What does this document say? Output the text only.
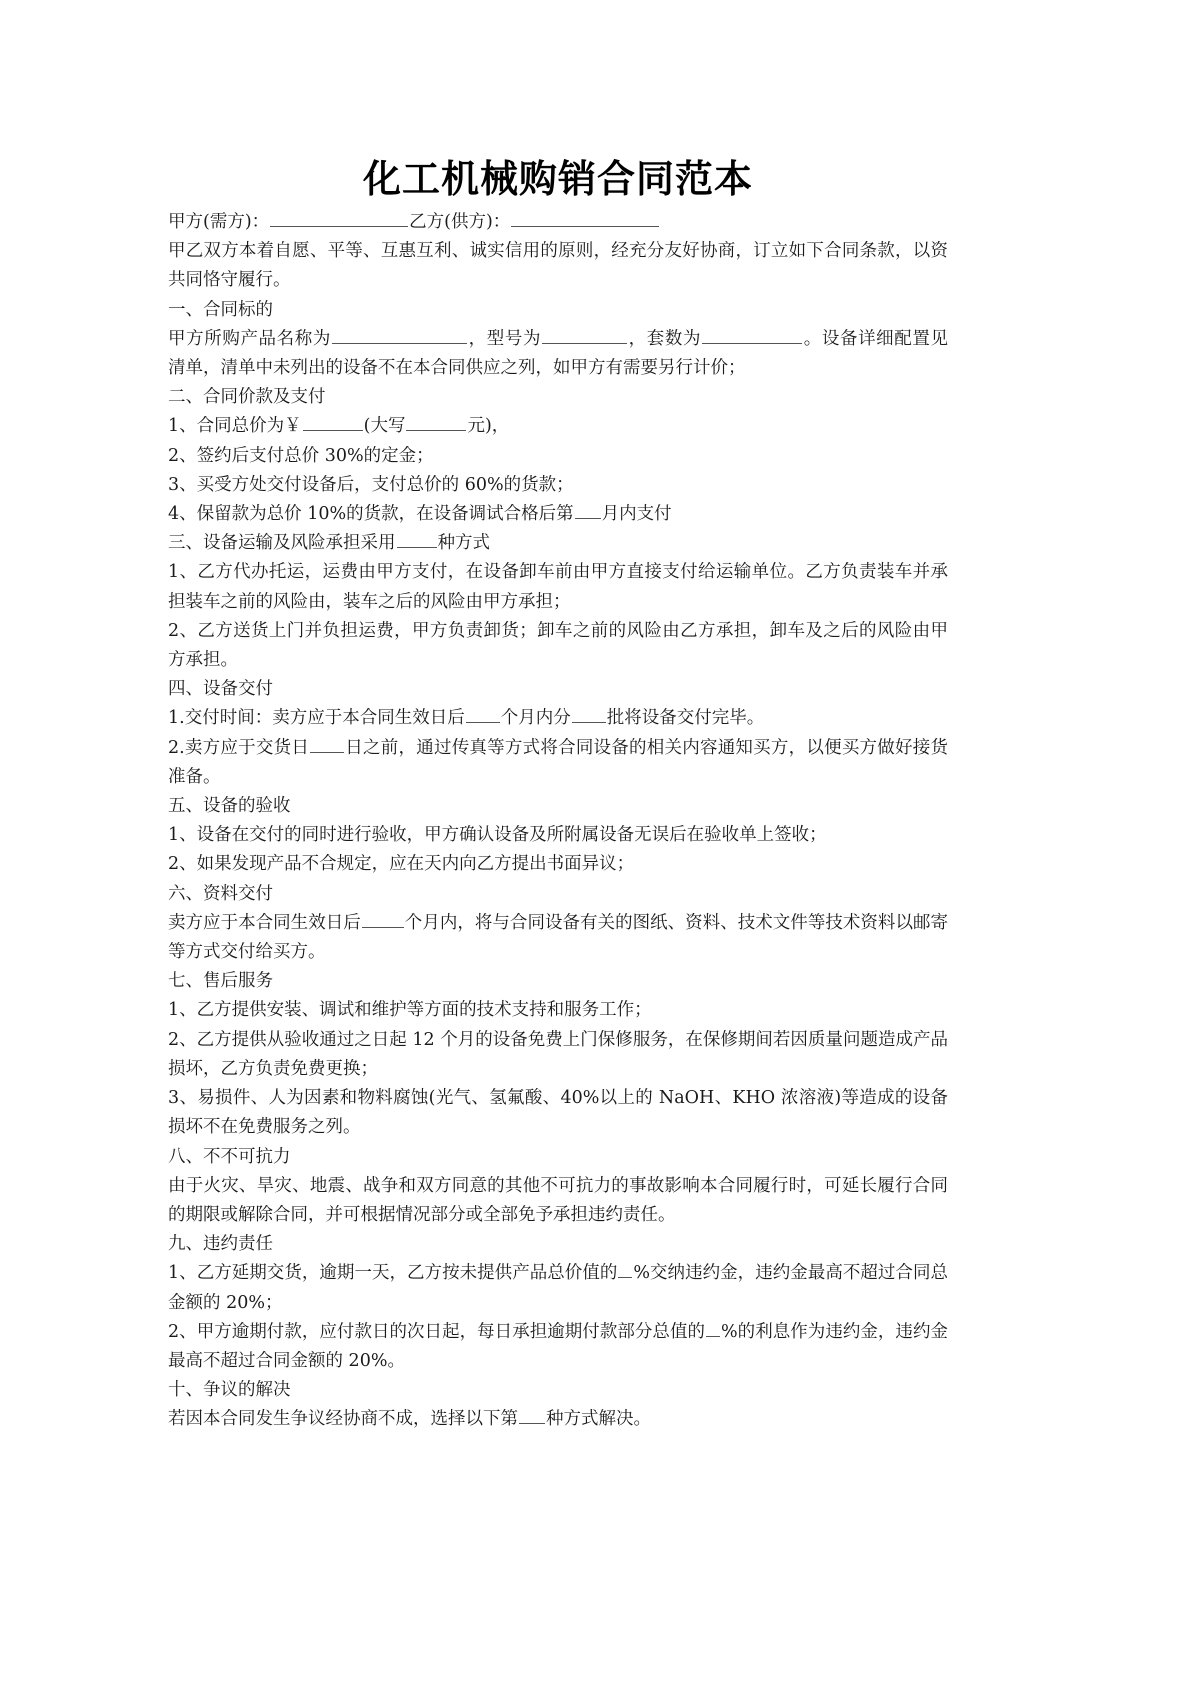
化工机械购销合同范本
甲方(需方)：	乙方(供方)：
甲乙双方本着自愿、平等、互惠互利、诚实信用的原则，经充分友好协商，订立如下合同条款，以资共同恪守履行。
一、合同标的
甲方所购产品名称为	，型号为	，套数为	。设备详细配置见清单，清单中未列出的设备不在本合同供应之列，如甲方有需要另行计价；
二、合同价款及支付
1、合同总价为￥	(大写	元)，
2、签约后支付总价 30%的定金；
3、买受方处交付设备后，支付总价的 60%的货款；
4、保留款为总价 10%的货款，在设备调试合格后第 月内支付
三、设备运输及风险承担采用 种方式
1、乙方代办托运，运费由甲方支付，在设备卸车前由甲方直接支付给运输单位。乙方负责装车并承担装车之前的风险由，装车之后的风险由甲方承担；
2、乙方送货上门并负担运费，甲方负责卸货；卸车之前的风险由乙方承担，卸车及之后的风险由甲方承担。
四、设备交付
1.交付时间：卖方应于本合同生效日后 个月内分 批将设备交付完毕。
2.卖方应于交货日 日之前，通过传真等方式将合同设备的相关内容通知买方，以便买方做好接货准备。
五、设备的验收
1、设备在交付的同时进行验收，甲方确认设备及所附属设备无误后在验收单上签收；
2、如果发现产品不合规定，应在天内向乙方提出书面异议；
六、资料交付
卖方应于本合同生效日后	个月内，将与合同设备有关的图纸、资料、技术文件等技术资料以邮寄等方式交付给买方。
七、售后服务
1、乙方提供安装、调试和维护等方面的技术支持和服务工作；
2、乙方提供从验收通过之日起 12 个月的设备免费上门保修服务，在保修期间若因质量问题造成产品损坏，乙方负责免费更换；
3、易损件、人为因素和物料腐蚀(光气、氢氟酸、40%以上的 NaOH、KHO 浓溶液)等造成的设备损坏不在免费服务之列。
八、不不可抗力
由于火灾、旱灾、地震、战争和双方同意的其他不可抗力的事故影响本合同履行时，可延长履行合同的期限或解除合同，并可根据情况部分或全部免予承担违约责任。
九、违约责任
1、乙方延期交货，逾期一天，乙方按未提供产品总价值的 %交纳违约金，违约金最高不超过合同总金额的 20%；
2、甲方逾期付款，应付款日的次日起，每日承担逾期付款部分总值的 %的利息作为违约金，违约金最高不超过合同金额的 20%。
十、争议的解决
若因本合同发生争议经协商不成，选择以下第 种方式解决。
